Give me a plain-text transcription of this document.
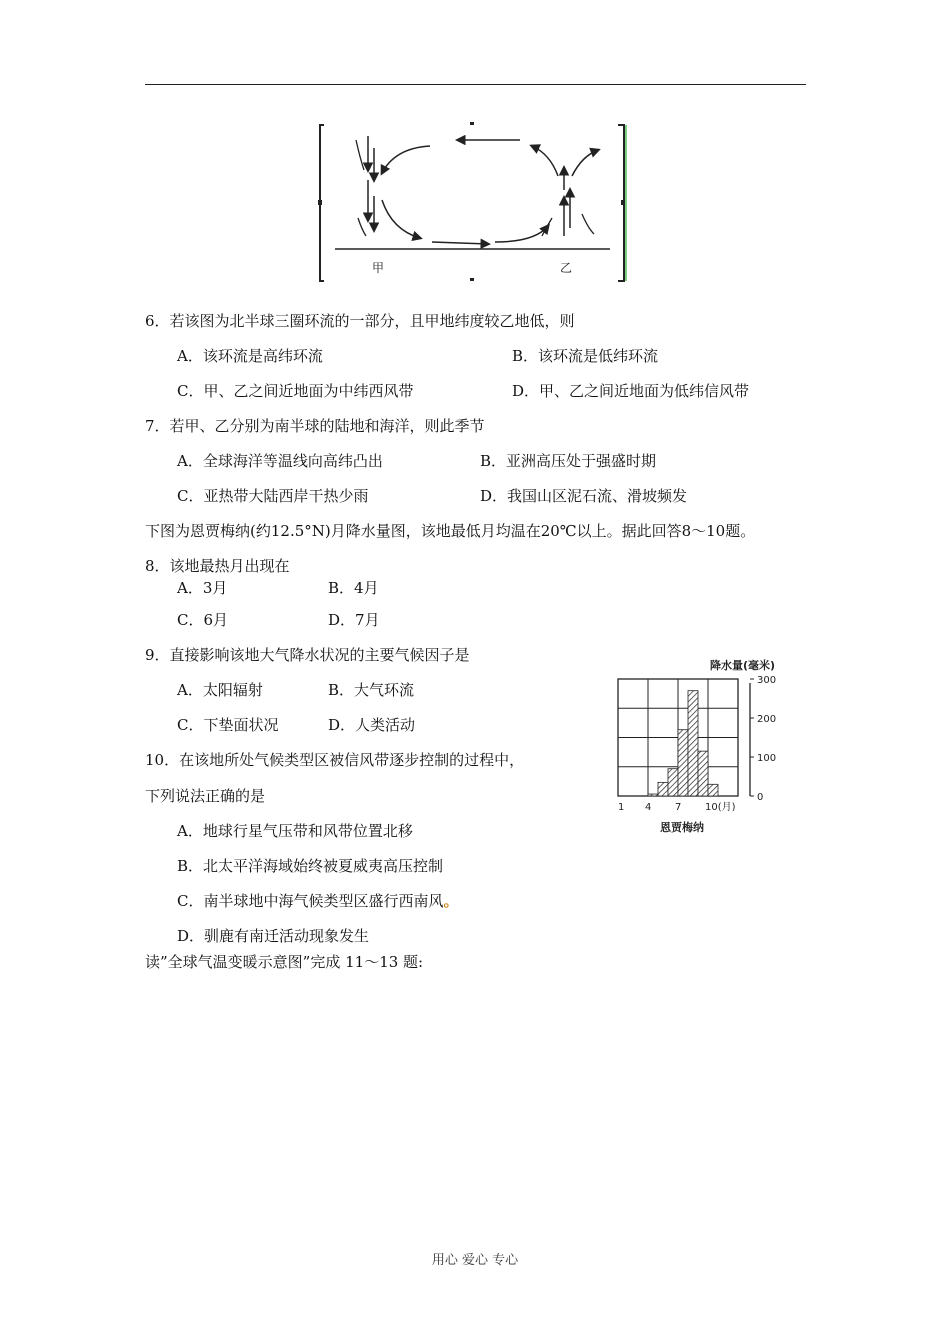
甲	乙
6．若该图为北半球三圈环流的一部分，且甲地纬度较乙地低，则
A．该环流是高纬环流	B．该环流是低纬环流
C．甲、乙之间近地面为中纬西风带	D．甲、乙之间近地面为低纬信风带
7．若甲、乙分别为南半球的陆地和海洋，则此季节
A．全球海洋等温线向高纬凸出	B．亚洲高压处于强盛时期
C．亚热带大陆西岸干热少雨	D．我国山区泥石流、滑坡频发
下图为恩贾梅纳(约12.5°N)月降水量图，该地最低月均温在20℃以上。据此回答8～10题。
8．该地最热月出现在
A．3月	B．4月
C．6月	D．7月
9．直接影响该地大气降水状况的主要气候因子是
A．太阳辐射	B．大气环流
C．下垫面状况	D．人类活动
10．在该地所处气候类型区被信风带逐步控制的过程中，
下列说法正确的是
A．地球行星气压带和风带位置北移
B．北太平洋海域始终被夏威夷高压控制
C．南半球地中海气候类型区盛行西南风。
D．驯鹿有南迁活动现象发生
读”全球气温变暖示意图”完成 11～13 题:
0
100
200
300
1 4 7 10(月)
降水量(毫米)
恩贾梅纳
用心 爱心 专心
